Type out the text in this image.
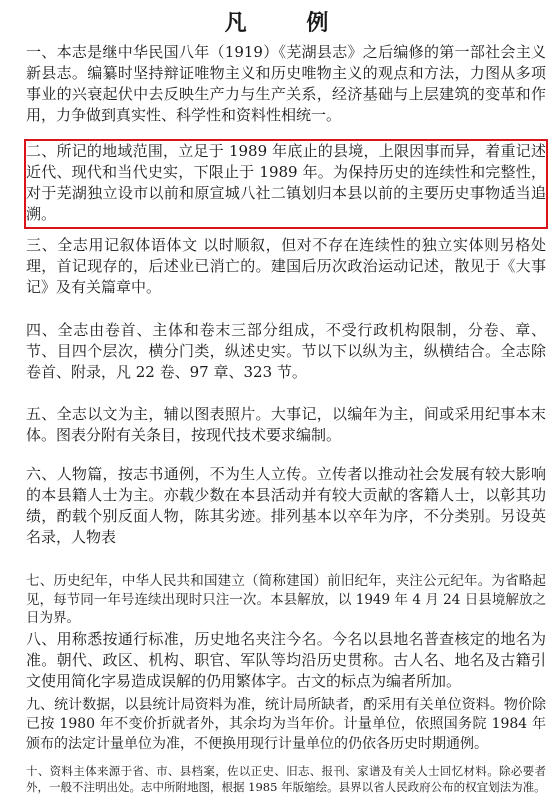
凡 例

一、本志是继中华民国八年（1919）《芜湖县志》之后编修的第一部社会主义新县志。编纂时坚持辩证唯物主义和历史唯物主义的观点和方法，力图从多项事业的兴衰起伏中去反映生产力与生产关系，经济基础与上层建筑的变革和作用，力争做到真实性、科学性和资料性相统一。

二、所记的地域范围，立足于 1989 年底止的县境，上限因事而异，着重记述近代、现代和当代史实，下限止于 1989 年。为保持历史的连续性和完整性，对于芜湖独立设市以前和原宣城八社二镇划归本县以前的主要历史事物适当追溯。

三、全志用记叙体语体文 以时顺叙，但对不存在连续性的独立实体则另格处理，首记现存的，后述业已消亡的。建国后历次政治运动记述，散见于《大事记》及有关篇章中。

四、全志由卷首、主体和卷末三部分组成，不受行政机构限制，分卷、章、节、目四个层次，横分门类，纵述史实。节以下以纵为主，纵横结合。全志除卷首、附录，凡 22 卷、97 章、323 节。

五、全志以文为主，辅以图表照片。大事记，以编年为主，间或采用纪事本末体。图表分附有关条目，按现代技术要求编制。

六、人物篇，按志书通例，不为生人立传。立传者以推动社会发展有较大影响的本县籍人士为主。亦载少数在本县活动并有较大贡献的客籍人士，以彰其功绩，酌载个别反面人物，陈其劣迹。排列基本以卒年为序，不分类别。另设英名录，人物表

七、历史纪年，中华人民共和国建立（简称建国）前旧纪年，夹注公元纪年。为省略起见，每节同一年号连续出现时只注一次。本县解放，以 1949 年 4 月 24 日县境解放之日为界。

八、用称悉按通行标准，历史地名夹注今名。今名以县地名普查核定的地名为准。朝代、政区、机构、职官、军队等均沿历史贯称。古人名、地名及古籍引文使用简化字易造成误解的仍用繁体字。古文的标点为编者所加。

九、统计数据，以县统计局资料为准，统计局所缺者，酌采用有关单位资料。物价除已按 1980 年不变价折就者外，其余均为当年价。计量单位，依照国务院 1984 年颁布的法定计量单位为准，不便换用现行计量单位的仍依各历史时期通例。

十、资料主体来源于省、市、县档案，佐以正史、旧志、报刊、家谱及有关人士回忆材料。除必要者外，一般不注明出处。志中所附地图，根据 1985 年版缩绘。县界以省人民政府公布的权宜划法为准。
